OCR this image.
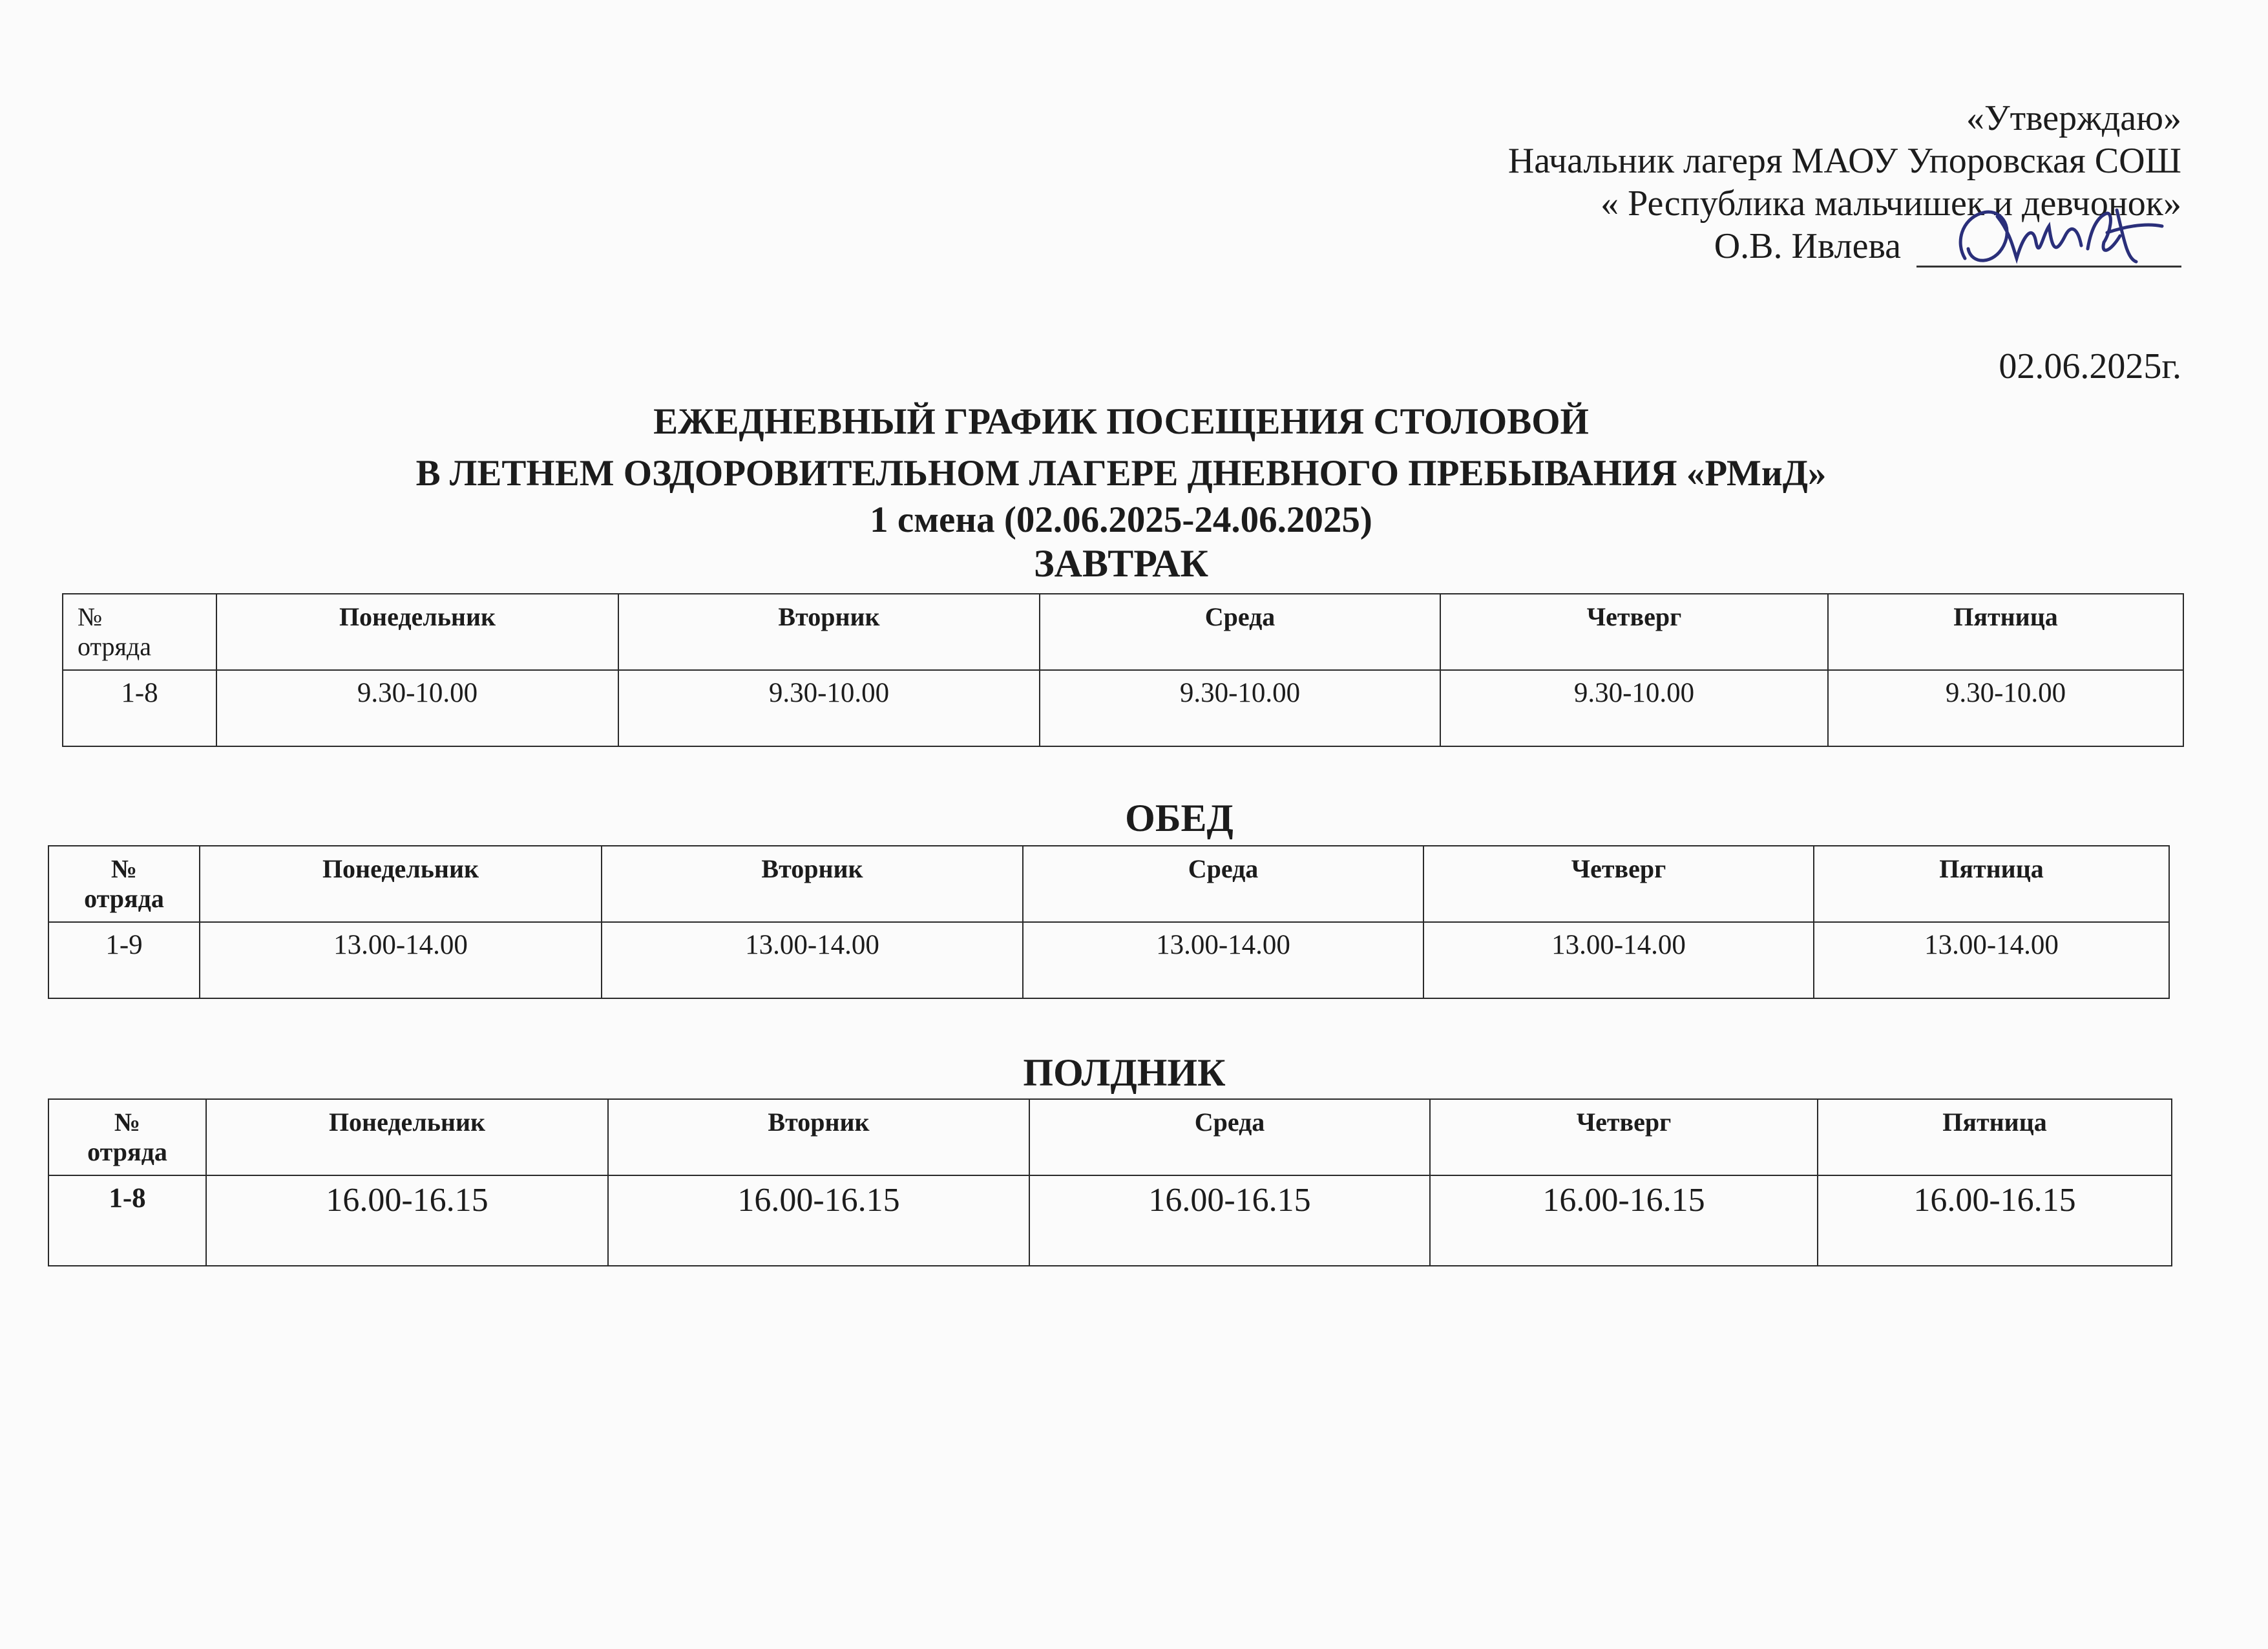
«Утверждаю»
Начальник лагеря МАОУ Упоровская СОШ
« Республика мальчишек и девчонок»
О.В. Ивлева
02.06.2025г.
ЕЖЕДНЕВНЫЙ ГРАФИК ПОСЕЩЕНИЯ СТОЛОВОЙ
В ЛЕТНЕМ ОЗДОРОВИТЕЛЬНОМ ЛАГЕРЕ ДНЕВНОГО ПРЕБЫВАНИЯ «РМиД»
1 смена (02.06.2025-24.06.2025)
ЗАВТРАК
№
отряда	Понедельник	Вторник	Среда	Четверг	Пятница
1-8	9.30-10.00	9.30-10.00	9.30-10.00	9.30-10.00	9.30-10.00
ОБЕД
№
отряда	Понедельник	Вторник	Среда	Четверг	Пятница
1-9	13.00-14.00	13.00-14.00	13.00-14.00	13.00-14.00	13.00-14.00
ПОЛДНИК
№
отряда	Понедельник	Вторник	Среда	Четверг	Пятница
1-8	16.00-16.15	16.00-16.15	16.00-16.15	16.00-16.15	16.00-16.15
